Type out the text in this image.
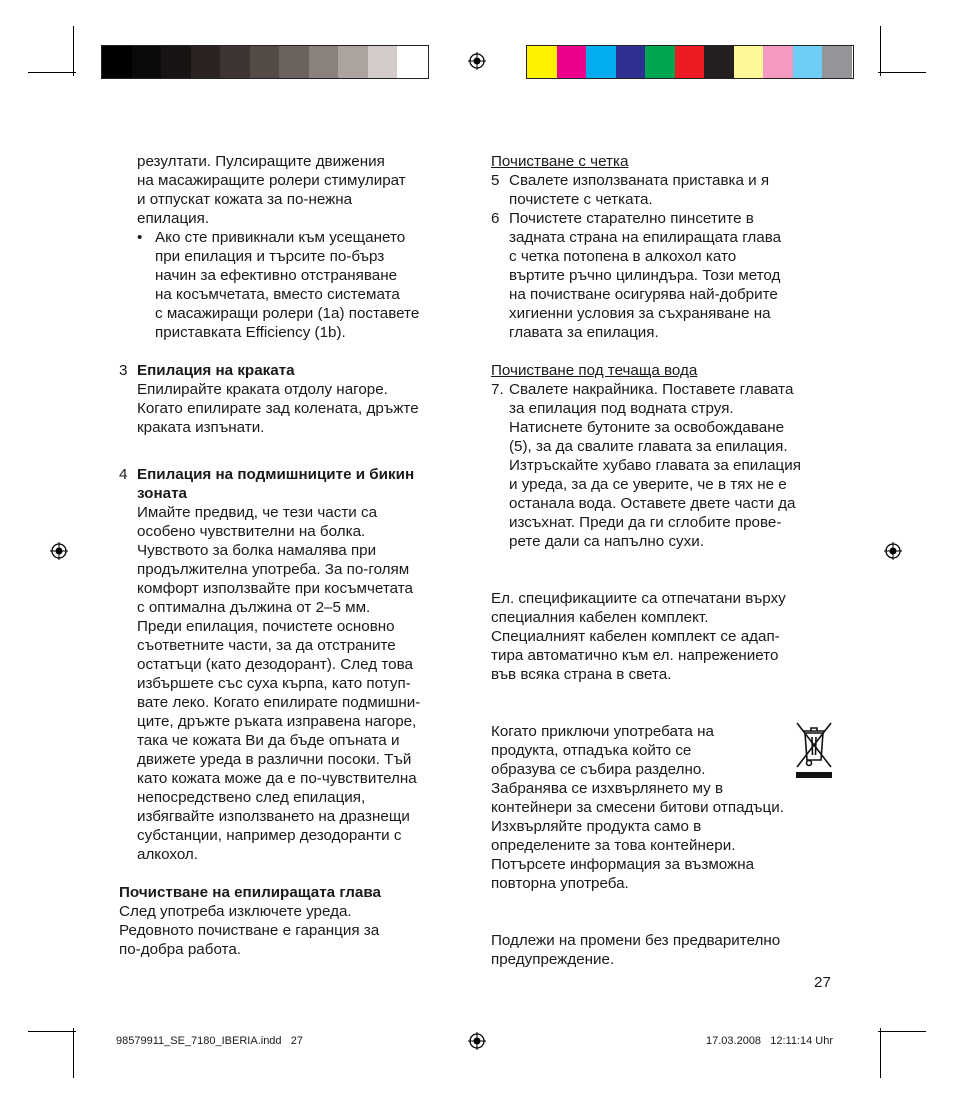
резултати. Пулсиращите движения

на масажиращите ролери стимулират

и отпускат кожата за по-нежна

епилация.

• Ако сте привикнали към усещането

при епилация и търсите по-бърз

начин за ефективно отстраняване

на косъмчетата, вместо системата

с масажиращи ролери (1a) поставете

приставката Efficiency (1b).

3 Епилация на краката

Епилирайте краката отдолу нагоре.

Когато епилирате зад колената, дръжте

краката изпънати.

4 Епилация на подмишниците и бикин

зоната

Имайте предвид, че тези части са

особено чувствителни на болка.

Чувството за болка намалява при

продължителна употреба. За по-голям

комфорт използвайте при косъмчетата

с оптимална дължина от 2–5 мм.

Преди епилация, почистете основно

съответните части, за да отстраните

остатъци (като дезодорант). След това

избършете със суха кърпа, като потуп-

вате леко. Когато епилирате подмишни-

ците, дръжте ръката изправена нагоре,

така че кожата Ви да бъде опъната и

движете уреда в различни посоки. Тъй

като кожата може да е по-чувствителна

непосредствено след епилация,

избягвайте използването на дразнещи

субстанции, например дезодоранти с

алкохол.

Почистване на епилиращата глава

След употреба изключете уреда.

Редовното почистване е гаранция за

по-добра работа.

Почистване с четка

5 Свалете използваната приставка и я

почистете с четката.

6 Почистете старателно пинсетите в

задната страна на епилиращата глава

с четка потопена в алкохол като

въртите ръчно цилиндъра. Този метод

на почистване осигурява най-добрите

хигиенни условия за съхраняване на

главата за епилация.

Почистване под течаща вода

7. Свалете накрайника. Поставете главата

за епилация под водната струя.

Натиснете бутоните за освобождаване

(5), за да свалите главата за епилация.

Изтръскайте хубаво главата за епилация

и уреда, за да се уверите, че в тях не е

останала вода. Оставете двете части да

изсъхнат. Преди да ги сглобите прове-

рете дали са напълно сухи.

Ел. спецификациите са отпечатани върху

специалния кабелен комплект.

Специалният кабелен комплект се адап-

тира автоматично към ел. напрежението

във всяка страна в света.

Когато приключи употребата на

продукта, отпадъка който се

образува се събира разделно.

Забранява се изхвърлянето му в

контейнери за смесени битови отпадъци.

Изхвърляйте продукта само в

определените за това контейнери.

Потърсете информация за възможна

повторна употреба.

Подлежи на промени без предварително

предупреждение.

27
98579911_SE_7180_IBERIA.indd   27	17.03.2008   12:11:14 Uhr
